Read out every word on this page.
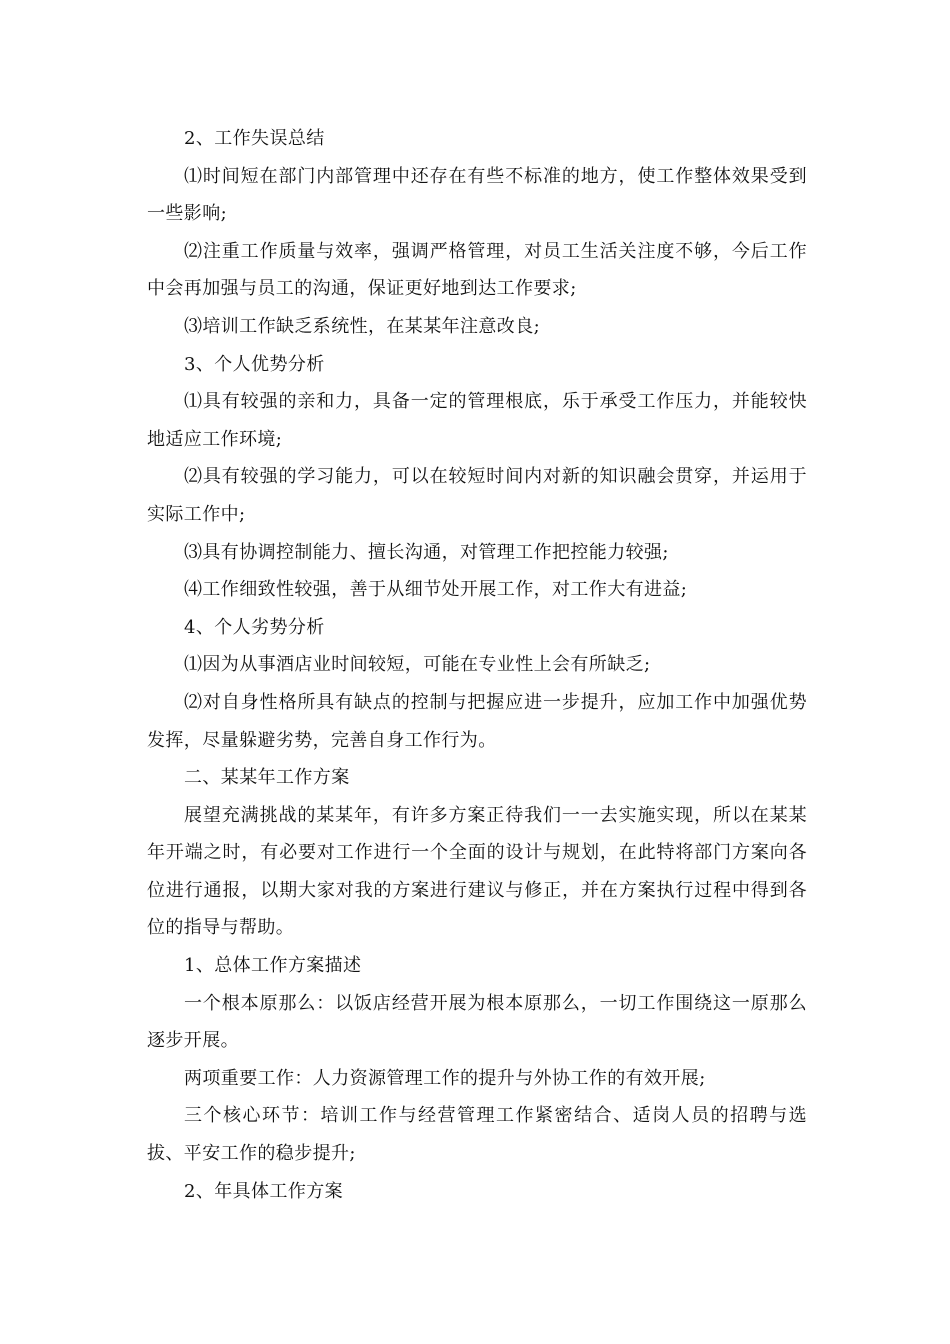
2、工作失误总结

⑴时间短在部门内部管理中还存在有些不标准的地方，使工作整体效果受到一些影响;

⑵注重工作质量与效率，强调严格管理，对员工生活关注度不够，今后工作中会再加强与员工的沟通，保证更好地到达工作要求;

⑶培训工作缺乏系统性，在某某年注意改良;

3、个人优势分析

⑴具有较强的亲和力，具备一定的管理根底，乐于承受工作压力，并能较快地适应工作环境;

⑵具有较强的学习能力，可以在较短时间内对新的知识融会贯穿，并运用于实际工作中;

⑶具有协调控制能力、擅长沟通，对管理工作把控能力较强;

⑷工作细致性较强，善于从细节处开展工作，对工作大有进益;

4、个人劣势分析

⑴因为从事酒店业时间较短，可能在专业性上会有所缺乏;

⑵对自身性格所具有缺点的控制与把握应进一步提升，应加工作中加强优势发挥，尽量躲避劣势，完善自身工作行为。

二、某某年工作方案

展望充满挑战的某某年，有许多方案正待我们一一去实施实现，所以在某某年开端之时，有必要对工作进行一个全面的设计与规划，在此特将部门方案向各位进行通报，以期大家对我的方案进行建议与修正，并在方案执行过程中得到各位的指导与帮助。

1、总体工作方案描述

一个根本原那么：以饭店经营开展为根本原那么，一切工作围绕这一原那么逐步开展。

两项重要工作：人力资源管理工作的提升与外协工作的有效开展;

三个核心环节：培训工作与经营管理工作紧密结合、适岗人员的招聘与选拔、平安工作的稳步提升;

2、年具体工作方案
